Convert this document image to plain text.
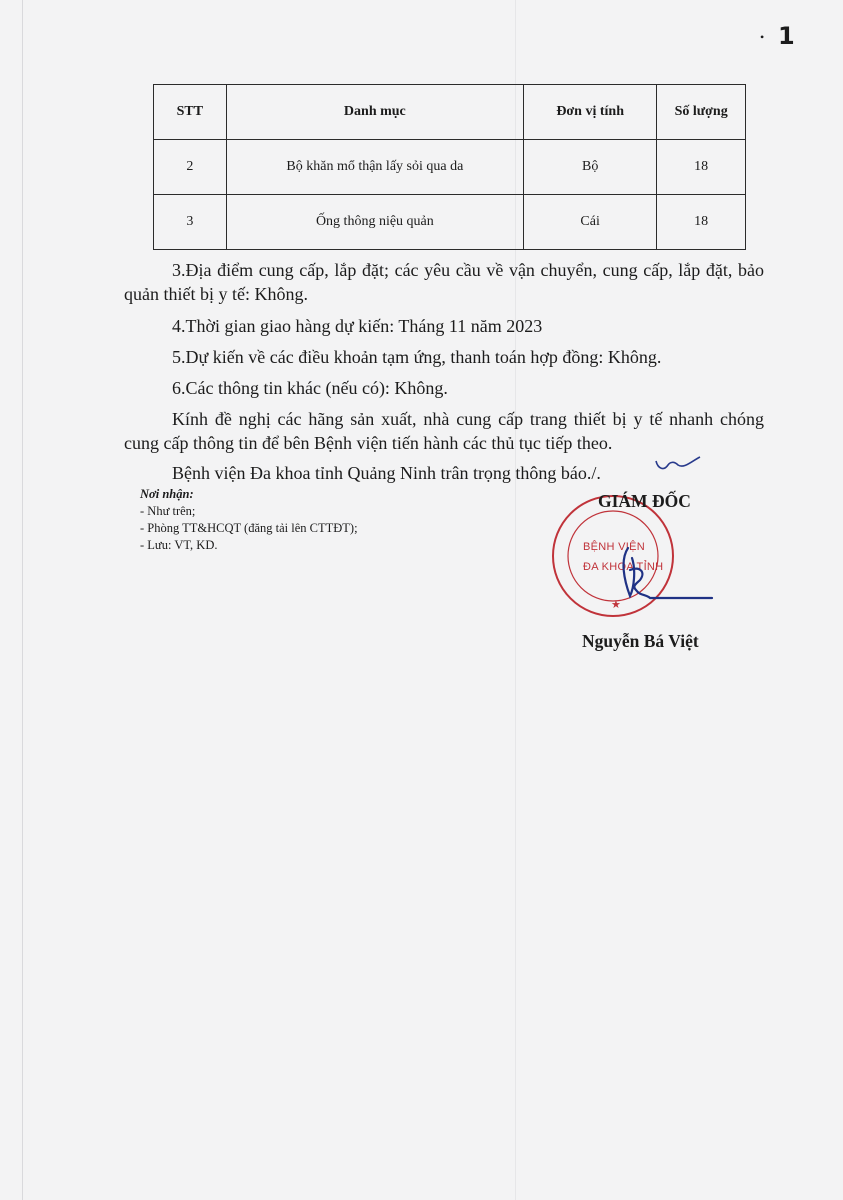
• 1
STT	Danh mục	Đơn vị tính	Số lượng
2	Bộ khăn mổ thận lấy sỏi qua da	Bộ	18
3	Ống thông niệu quản	Cái	18

3.Địa điểm cung cấp, lắp đặt; các yêu cầu về vận chuyển, cung cấp, lắp đặt, bảo quản thiết bị y tế: Không.

4.Thời gian giao hàng dự kiến: Tháng 11 năm 2023

5.Dự kiến về các điều khoản tạm ứng, thanh toán hợp đồng: Không.

6.Các thông tin khác (nếu có): Không.

Kính đề nghị các hãng sản xuất, nhà cung cấp trang thiết bị y tế nhanh chóng cung cấp thông tin để bên Bệnh viện tiến hành các thủ tục tiếp theo.

Bệnh viện Đa khoa tỉnh Quảng Ninh trân trọng thông báo./.

Nơi nhận:
- Như trên;
- Phòng TT&HCQT (đăng tải lên CTTĐT);
- Lưu: VT, KD.
★
BỆNH VIỆN
ĐA KHOA TỈNH
GIÁM ĐỐC
Nguyễn Bá Việt
